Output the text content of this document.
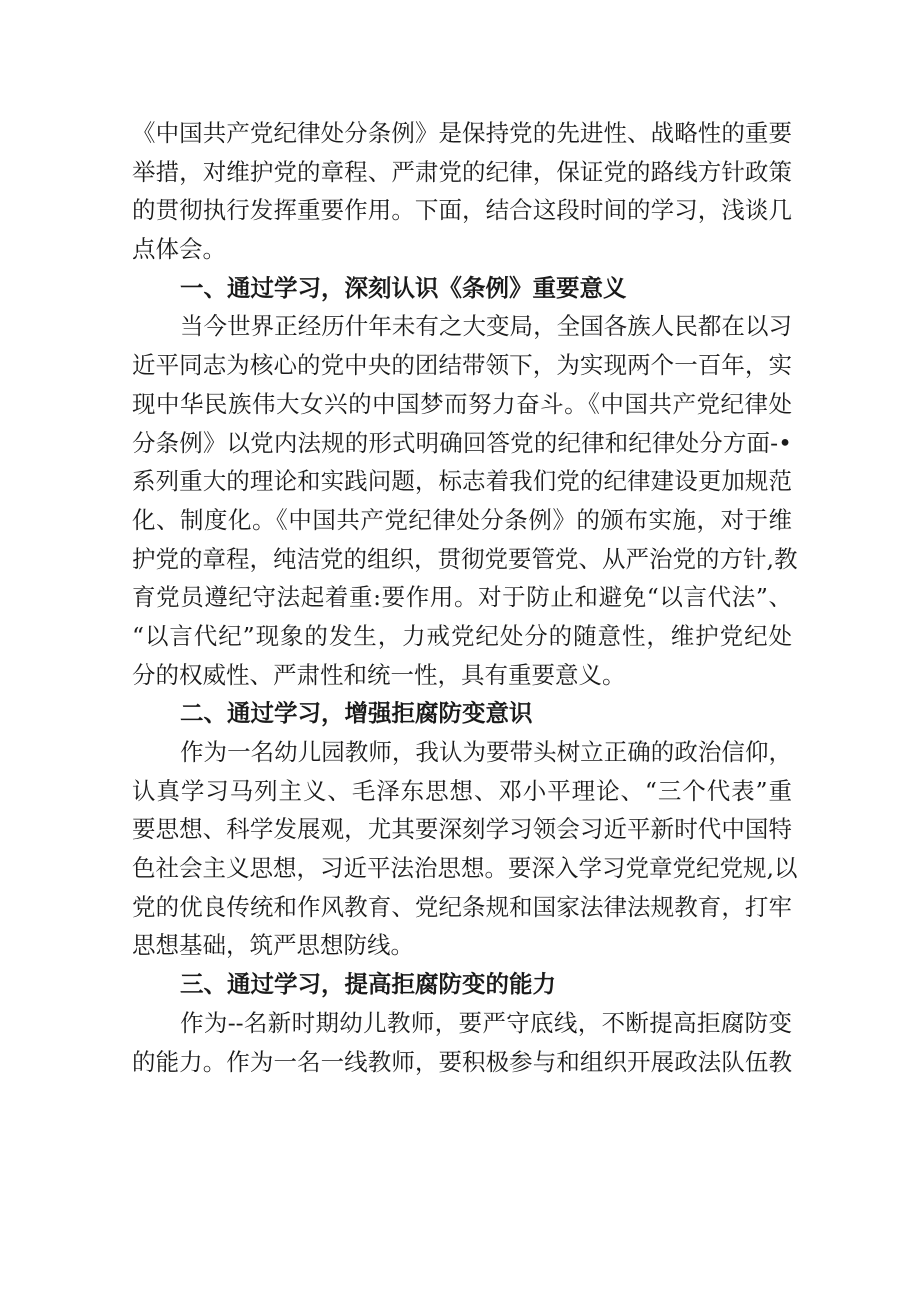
《中国共产党纪律处分条例》是保持党的先进性、战略性的重要
举措，对维护党的章程、严肃党的纪律，保证党的路线方针政策
的贯彻执行发挥重要作用。下面，结合这段时间的学习，浅谈几
点体会。
一、通过学习，深刻认识《条例》重要意义
当今世界正经历什年未有之大变局，全国各族人民都在以习
近平同志为核心的党中央的团结带领下，为实现两个一百年，实
现中华民族伟大女兴的中国梦而努力奋斗。《中国共产党纪律处
分条例》以党内法规的形式明确回答党的纪律和纪律处分方面-•
系列重大的理论和实践问题，标志着我们党的纪律建设更加规范
化、制度化。《中国共产党纪律处分条例》的颁布实施，对于维
护党的章程，纯洁党的组织，贯彻党要管党、从严治党的方针,教
育党员遵纪守法起着重:要作用。对于防止和避免“以言代法”、
“以言代纪”现象的发生，力戒党纪处分的随意性，维护党纪处
分的权威性、严肃性和统一性，具有重要意义。
二、通过学习，增强拒腐防变意识
作为一名幼儿园教师，我认为要带头树立正确的政治信仰，
认真学习马列主义、毛泽东思想、邓小平理论、“三个代表”重
要思想、科学发展观，尤其要深刻学习领会习近平新时代中国特
色社会主义思想，习近平法治思想。要深入学习党章党纪党规,以
党的优良传统和作风教育、党纪条规和国家法律法规教育，打牢
思想基础，筑严思想防线。
三、通过学习，提高拒腐防变的能力
作为--名新时期幼儿教师，要严守底线，不断提高拒腐防变
的能力。作为一名一线教师，要积极参与和组织开展政法队伍教
